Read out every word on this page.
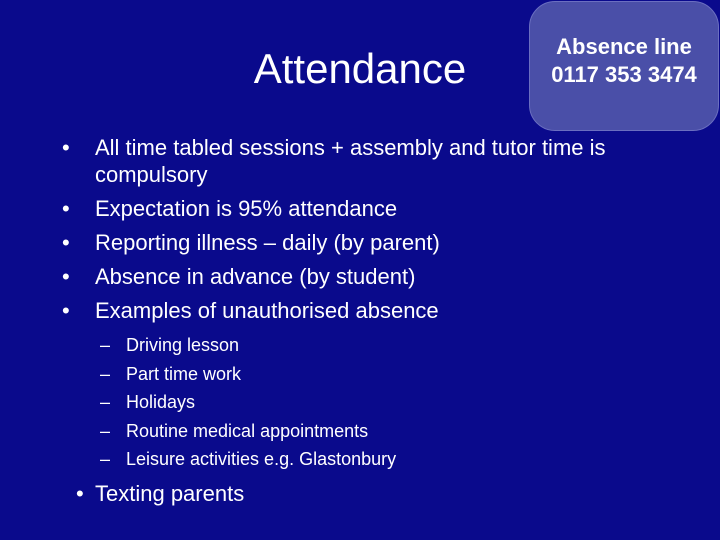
Attendance	Absence line
0117 353 3474
• All time tabled sessions + assembly and tutor time is compulsory
• Expectation is 95% attendance
• Reporting illness – daily (by parent)
• Absence in advance (by student)
• Examples of unauthorised absence
– Driving lesson
– Part time work
– Holidays
– Routine medical appointments
– Leisure activities e.g. Glastonbury
• Texting parents
